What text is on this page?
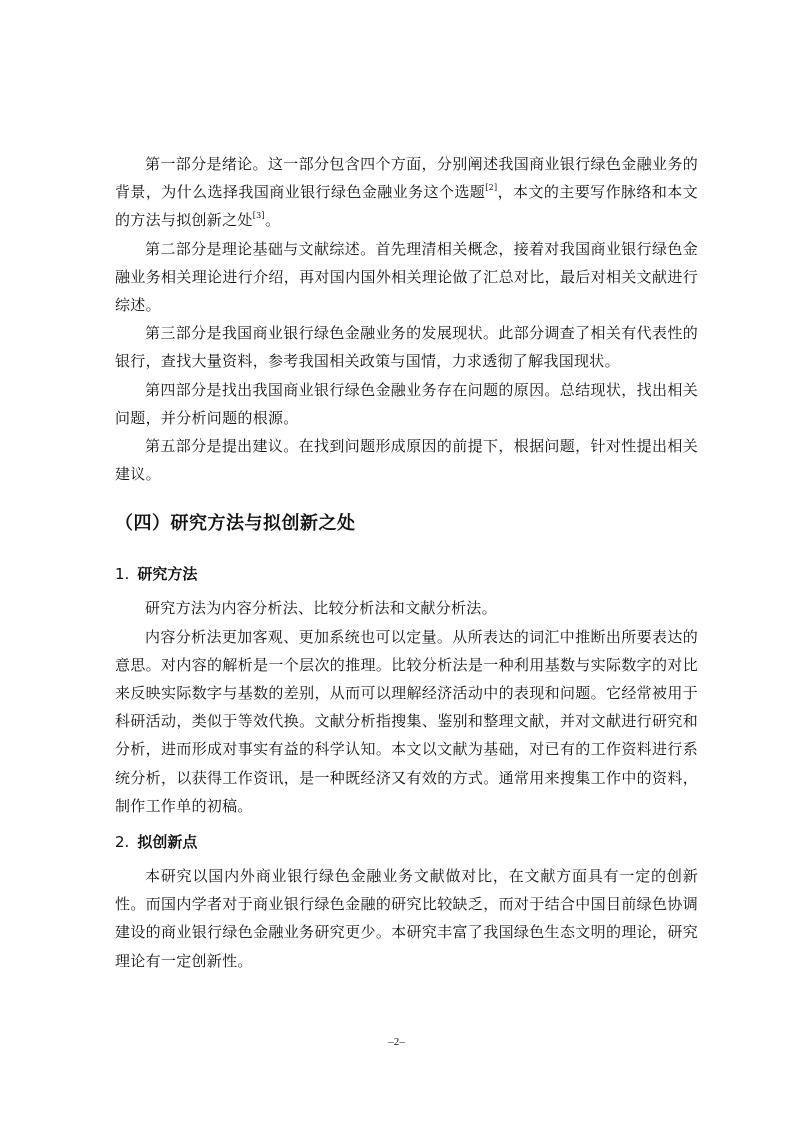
第一部分是绪论。这一部分包含四个方面，分别阐述我国商业银行绿色金融业务的背景，为什么选择我国商业银行绿色金融业务这个选题[2]，本文的主要写作脉络和本文的方法与拟创新之处[3]。

第二部分是理论基础与文献综述。首先理清相关概念，接着对我国商业银行绿色金融业务相关理论进行介绍，再对国内国外相关理论做了汇总对比，最后对相关文献进行综述。

第三部分是我国商业银行绿色金融业务的发展现状。此部分调查了相关有代表性的银行，查找大量资料，参考我国相关政策与国情，力求透彻了解我国现状。

第四部分是找出我国商业银行绿色金融业务存在问题的原因。总结现状，找出相关问题，并分析问题的根源。

第五部分是提出建议。在找到问题形成原因的前提下，根据问题，针对性提出相关建议。

（四）研究方法与拟创新之处
1. 研究方法

研究方法为内容分析法、比较分析法和文献分析法。

内容分析法更加客观、更加系统也可以定量。从所表达的词汇中推断出所要表达的意思。对内容的解析是一个层次的推理。比较分析法是一种利用基数与实际数字的对比来反映实际数字与基数的差别，从而可以理解经济活动中的表现和问题。它经常被用于科研活动，类似于等效代换。文献分析指搜集、鉴别和整理文献，并对文献进行研究和分析，进而形成对事实有益的科学认知。本文以文献为基础，对已有的工作资料进行系统分析，以获得工作资讯，是一种既经济又有效的方式。通常用来搜集工作中的资料，制作工作单的初稿。

2. 拟创新点

本研究以国内外商业银行绿色金融业务文献做对比，在文献方面具有一定的创新性。而国内学者对于商业银行绿色金融的研究比较缺乏，而对于结合中国目前绿色协调建设的商业银行绿色金融业务研究更少。本研究丰富了我国绿色生态文明的理论，研究理论有一定创新性。

–2–
